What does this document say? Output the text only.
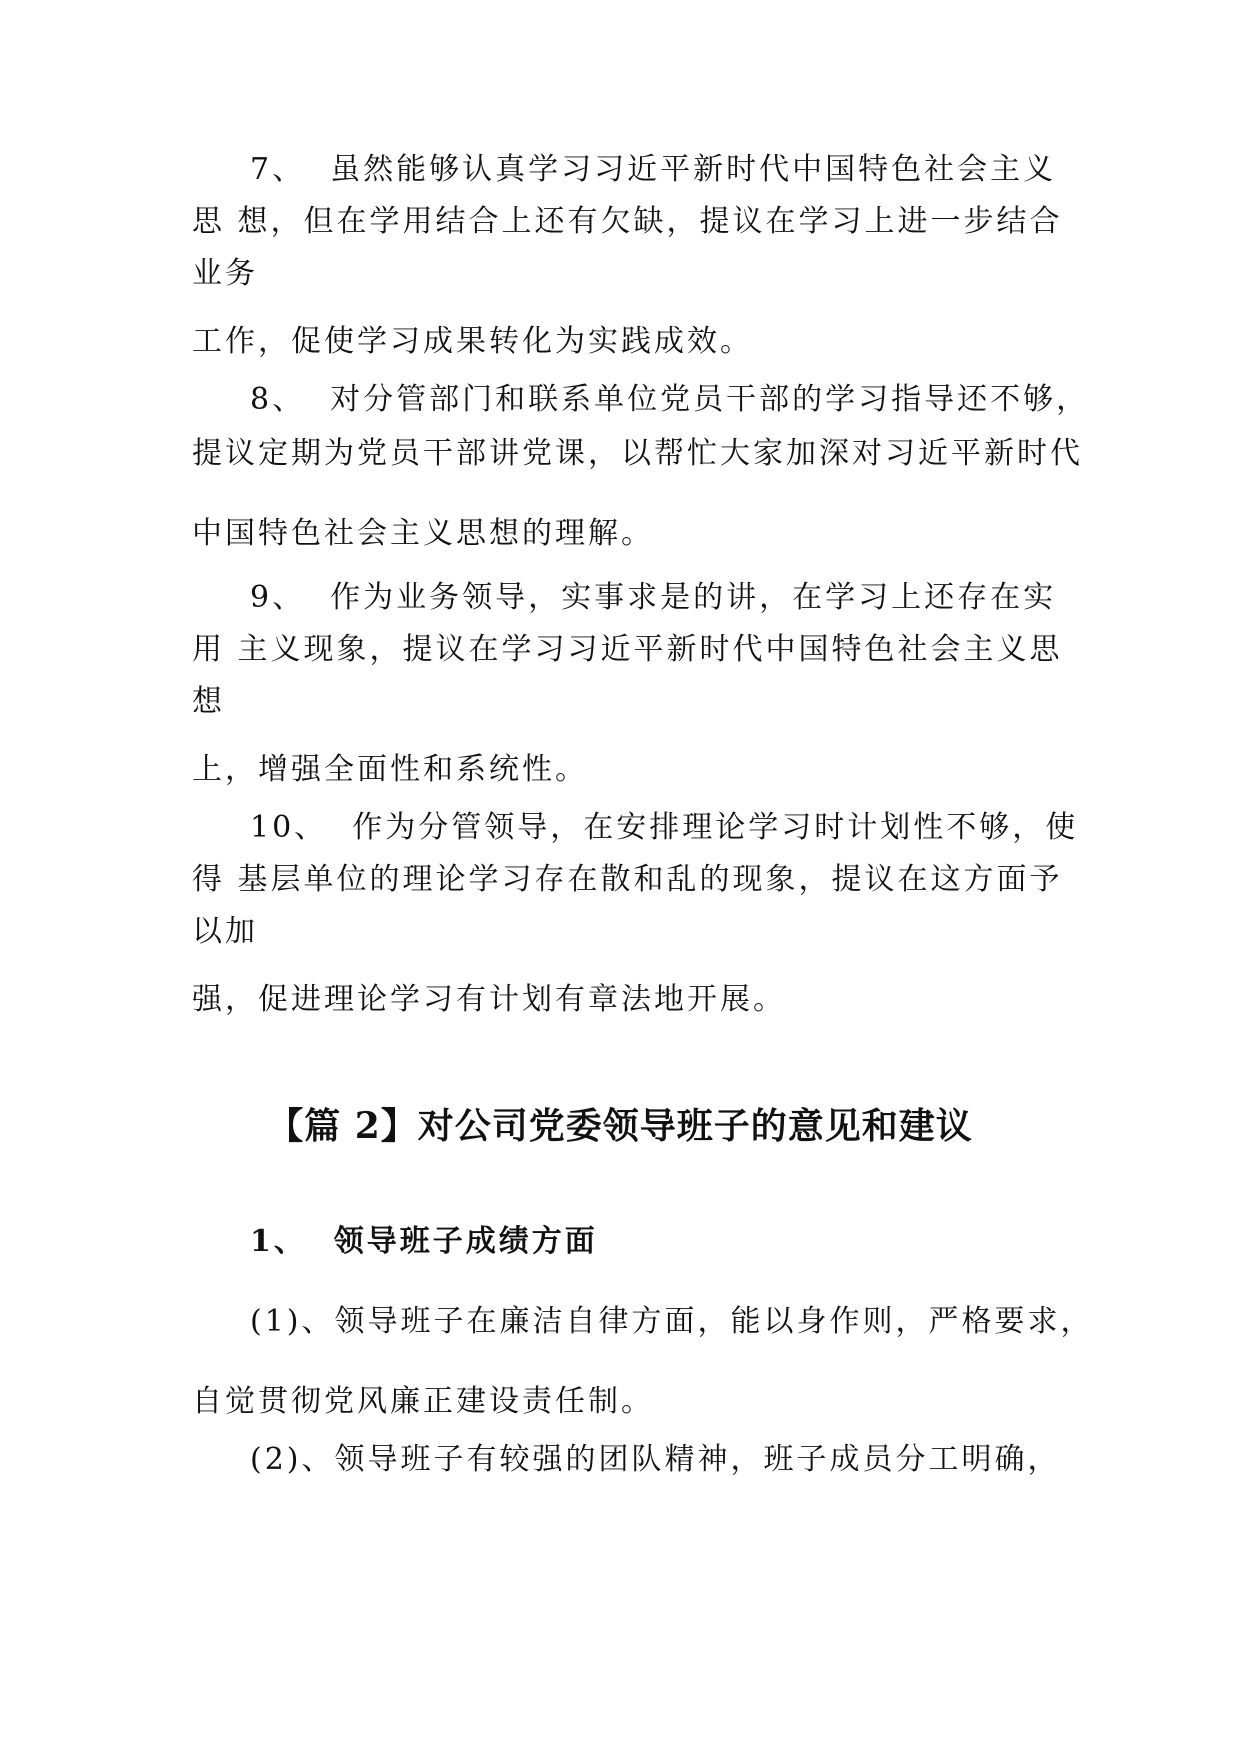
7、  虽然能够认真学习习近平新时代中国特色社会主义
思 想，但在学用结合上还有欠缺，提议在学习上进一步结合
业务
工作，促使学习成果转化为实践成效。
8、  对分管部门和联系单位党员干部的学习指导还不够，
提议定期为党员干部讲党课，以帮忙大家加深对习近平新时代
中国特色社会主义思想的理解。
9、  作为业务领导，实事求是的讲，在学习上还存在实
用 主义现象，提议在学习习近平新时代中国特色社会主义思
想
上，增强全面性和系统性。
10、  作为分管领导，在安排理论学习时计划性不够，使
得 基层单位的理论学习存在散和乱的现象，提议在这方面予
以加
强，促进理论学习有计划有章法地开展。
【篇 2】对公司党委领导班子的意见和建议
1、  领导班子成绩方面
(1)、领导班子在廉洁自律方面，能以身作则，严格要求，
自觉贯彻党风廉正建设责任制。
(2)、领导班子有较强的团队精神，班子成员分工明确，
